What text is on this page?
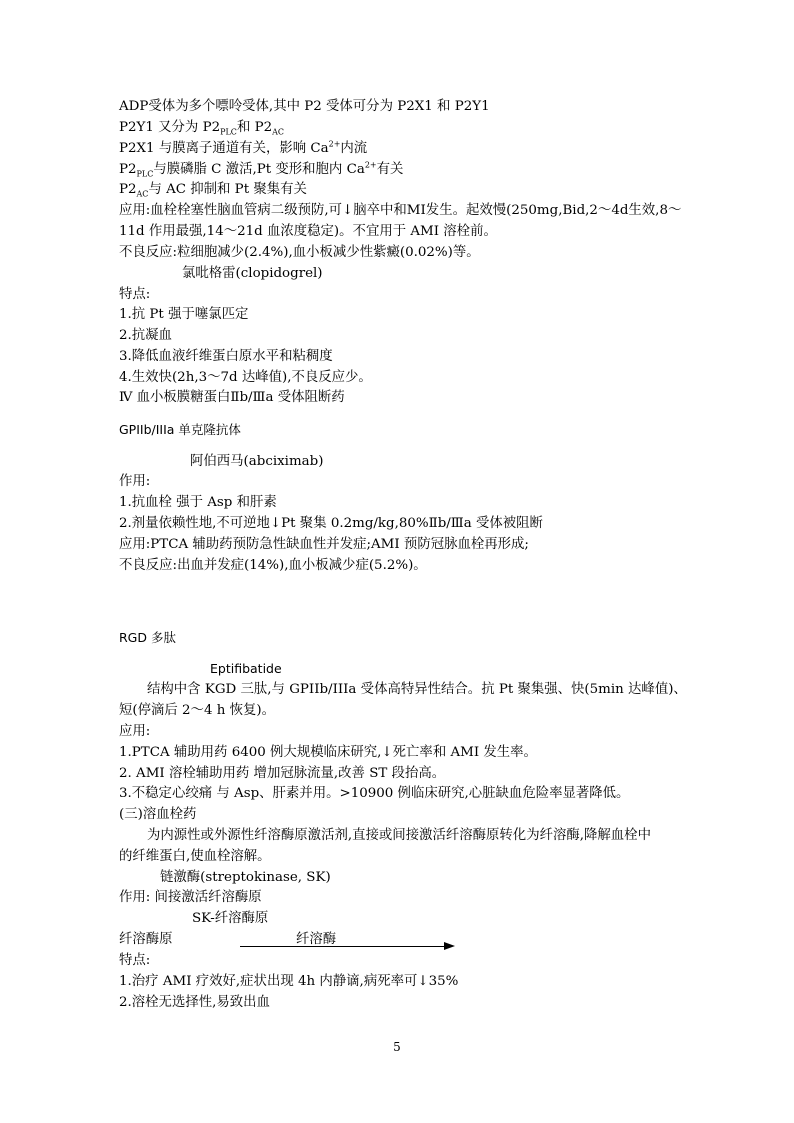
ADP受体为多个嘌呤受体,其中 P2 受体可分为 P2X1 和 P2Y1
P2Y1 又分为 $P2_{PLC}$和 $P2_{AC}$
P2X1 与膜离子通道有关，影响 $Ca^{2+}$内流
$P2_{PLC}$与膜磷脂 C 激活,Pt 变形和胞内 $Ca^{2+}$有关
$P2_{AC}$与 AC 抑制和 Pt 聚集有关
应用:血栓栓塞性脑血管病二级预防,可↓脑卒中和MI发生。起效慢(250mg,Bid,2～4d生效,8～
11d 作用最强,14～21d 血浓度稳定)。不宜用于 AMI 溶栓前。
不良反应:粒细胞减少(2.4%),血小板减少性紫癜(0.02%)等。
氯吡格雷(clopidogrel)
特点:
1.抗 Pt 强于噻氯匹定
2.抗凝血
3.降低血液纤维蛋白原水平和粘稠度
4.生效快(2h,3～7d 达峰值),不良反应少。
Ⅳ 血小板膜糖蛋白Ⅱb/Ⅲa 受体阻断药
GPIIb/IIIa 单克隆抗体
阿伯西马(abciximab)
作用:
1.抗血栓 强于 Asp 和肝素
2.剂量依赖性地,不可逆地↓Pt 聚集 0.2mg/kg,80%Ⅱb/Ⅲa 受体被阻断
应用:PTCA 辅助药预防急性缺血性并发症;AMI 预防冠脉血栓再形成;
不良反应:出血并发症(14%),血小板减少症(5.2%)。
RGD 多肽
Eptifibatide
结构中含 KGD 三肽,与 GPIIb/IIIa 受体高特异性结合。抗 Pt 聚集强、快(5min 达峰值)、
短(停滴后 2～4 h 恢复)。
应用:
1.PTCA 辅助用药 6400 例大规模临床研究,↓死亡率和 AMI 发生率。
2. AMI 溶栓辅助用药 增加冠脉流量,改善 ST 段抬高。
3.不稳定心绞痛 与 Asp、肝素并用。>10900 例临床研究,心脏缺血危险率显著降低。
(三)溶血栓药
为内源性或外源性纤溶酶原激活剂,直接或间接激活纤溶酶原转化为纤溶酶,降解血栓中
的纤维蛋白,使血栓溶解。
链激酶(streptokinase, SK)
作用: 间接激活纤溶酶原
SK-纤溶酶原
纤溶酶原	纤溶酶
特点:
1.治疗 AMI 疗效好,症状出现 4h 内静谪,病死率可↓35%
2.溶栓无选择性,易致出血
5
